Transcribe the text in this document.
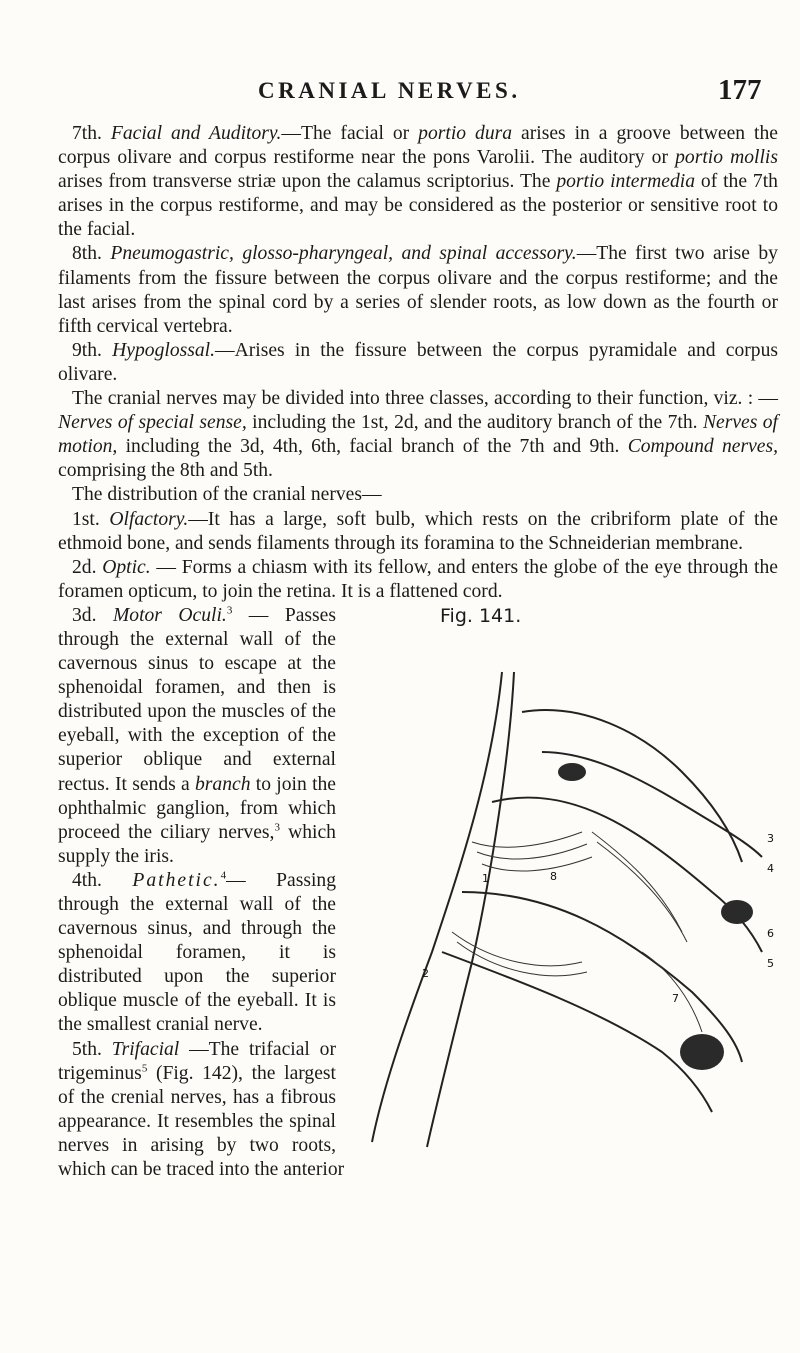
CRANIAL NERVES.	177

7th. Facial and Auditory.—The facial or portio dura arises in a groove between the corpus olivare and corpus restiforme near the pons Varolii. The auditory or portio mollis arises from transverse striæ upon the calamus scriptorius. The portio intermedia of the 7th arises in the corpus restiforme, and may be considered as the posterior or sensitive root to the facial.

8th. Pneumogastric, glosso-pharyngeal, and spinal accessory.—The first two arise by filaments from the fissure between the corpus olivare and the corpus restiforme; and the last arises from the spinal cord by a series of slender roots, as low down as the fourth or fifth cervical vertebra.

9th. Hypoglossal.—Arises in the fissure between the corpus pyramidale and corpus olivare.

The cranial nerves may be divided into three classes, according to their function, viz. : — Nerves of special sense, including the 1st, 2d, and the auditory branch of the 7th. Nerves of motion, including the 3d, 4th, 6th, facial branch of the 7th and 9th. Compound nerves, comprising the 8th and 5th.

The distribution of the cranial nerves—

1st. Olfactory.—It has a large, soft bulb, which rests on the cribriform plate of the ethmoid bone, and sends filaments through its foramina to the Schneiderian membrane.

2d. Optic. — Forms a chiasm with its fellow, and enters the globe of the eye through the foramen opticum, to join the retina. It is a flattened cord.

Fig. 141.
1
2
3
4
5
6
7
8

3d. Motor Oculi.$^3$ — Passes through the external wall of the cavernous sinus to escape at the sphenoidal foramen, and then is distributed upon the muscles of the eyeball, with the exception of the superior oblique and external rectus. It sends a branch to join the ophthalmic ganglion, from which proceed the ciliary nerves,$^3$ which supply the iris.

4th. Pathetic.$^4$— Passing through the external wall of the cavernous sinus, and through the sphenoidal foramen, it is distributed upon the superior oblique muscle of the eyeball. It is the smallest cranial nerve.

5th. Trifacial —The trifacial or trigeminus$^5$ (Fig. 142), the largest of the crenial nerves, has a fibrous appearance. It resembles the spinal nerves in arising by two roots, which can be traced into the anterior
